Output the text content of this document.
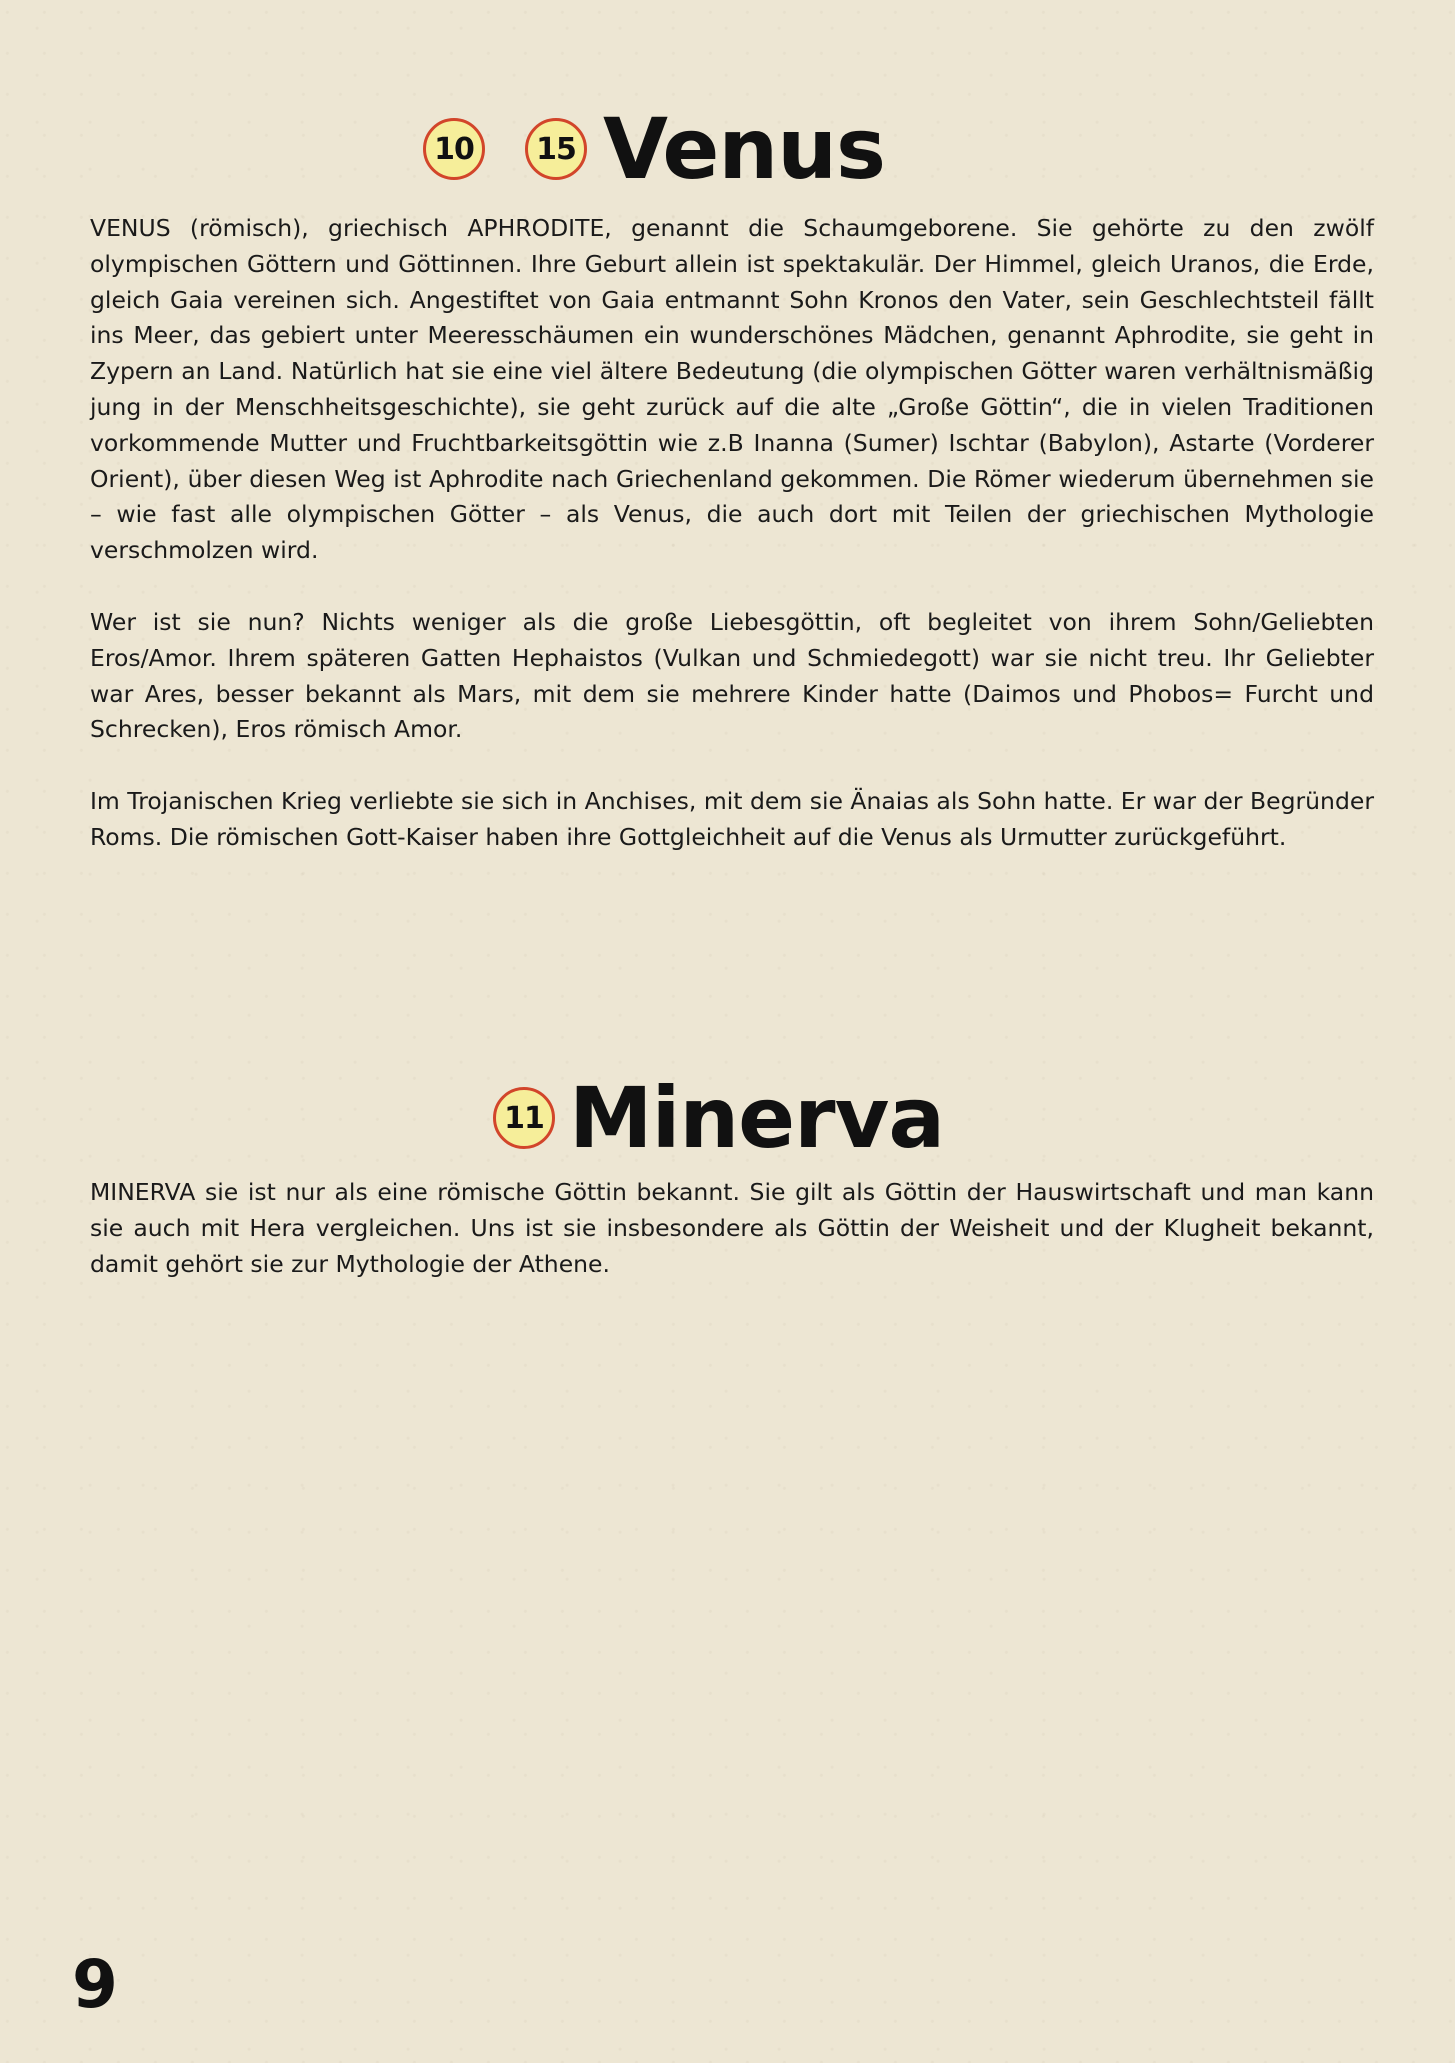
10	15 Venus

VENUS (römisch), griechisch APHRODITE, genannt die Schaumgeborene. Sie gehörte zu den zwölf olympischen Göttern und Göttinnen. Ihre Geburt allein ist spektakulär. Der Himmel, gleich Uranos, die Erde, gleich Gaia vereinen sich. Angestiftet von Gaia entmannt Sohn Kronos den Vater, sein Geschlechtsteil fällt ins Meer, das gebiert unter Meeresschäumen ein wunderschönes Mädchen, genannt Aphrodite, sie geht in Zypern an Land. Natürlich hat sie eine viel ältere Bedeutung (die olympischen Götter waren verhältnismäßig jung in der Menschheitsgeschichte), sie geht zurück auf die alte „Große Göttin“, die in vielen Traditionen vorkommende Mutter und Fruchtbarkeitsgöttin wie z.B Inanna (Sumer) Ischtar (Babylon), Astarte (Vorderer Orient), über diesen Weg ist Aphrodite nach Griechenland gekommen. Die Römer wiederum übernehmen sie – wie fast alle olympischen Götter – als Venus, die auch dort mit Teilen der griechischen Mythologie verschmolzen wird.

Wer ist sie nun? Nichts weniger als die große Liebesgöttin, oft begleitet von ihrem Sohn/Geliebten Eros/Amor. Ihrem späteren Gatten Hephaistos (Vulkan und Schmiedegott) war sie nicht treu. Ihr Geliebter war Ares, besser bekannt als Mars, mit dem sie mehrere Kinder hatte (Daimos und Phobos= Furcht und Schrecken), Eros römisch Amor.

Im Trojanischen Krieg verliebte sie sich in Anchises, mit dem sie Änaias als Sohn hatte. Er war der Begründer Roms. Die römischen Gott-Kaiser haben ihre Gottgleichheit auf die Venus als Urmutter zurückgeführt.

11 Minerva

MINERVA sie ist nur als eine römische Göttin bekannt. Sie gilt als Göttin der Hauswirtschaft und man kann sie auch mit Hera vergleichen. Uns ist sie insbesondere als Göttin der Weisheit und der Klugheit bekannt, damit gehört sie zur Mythologie der Athene.

9
